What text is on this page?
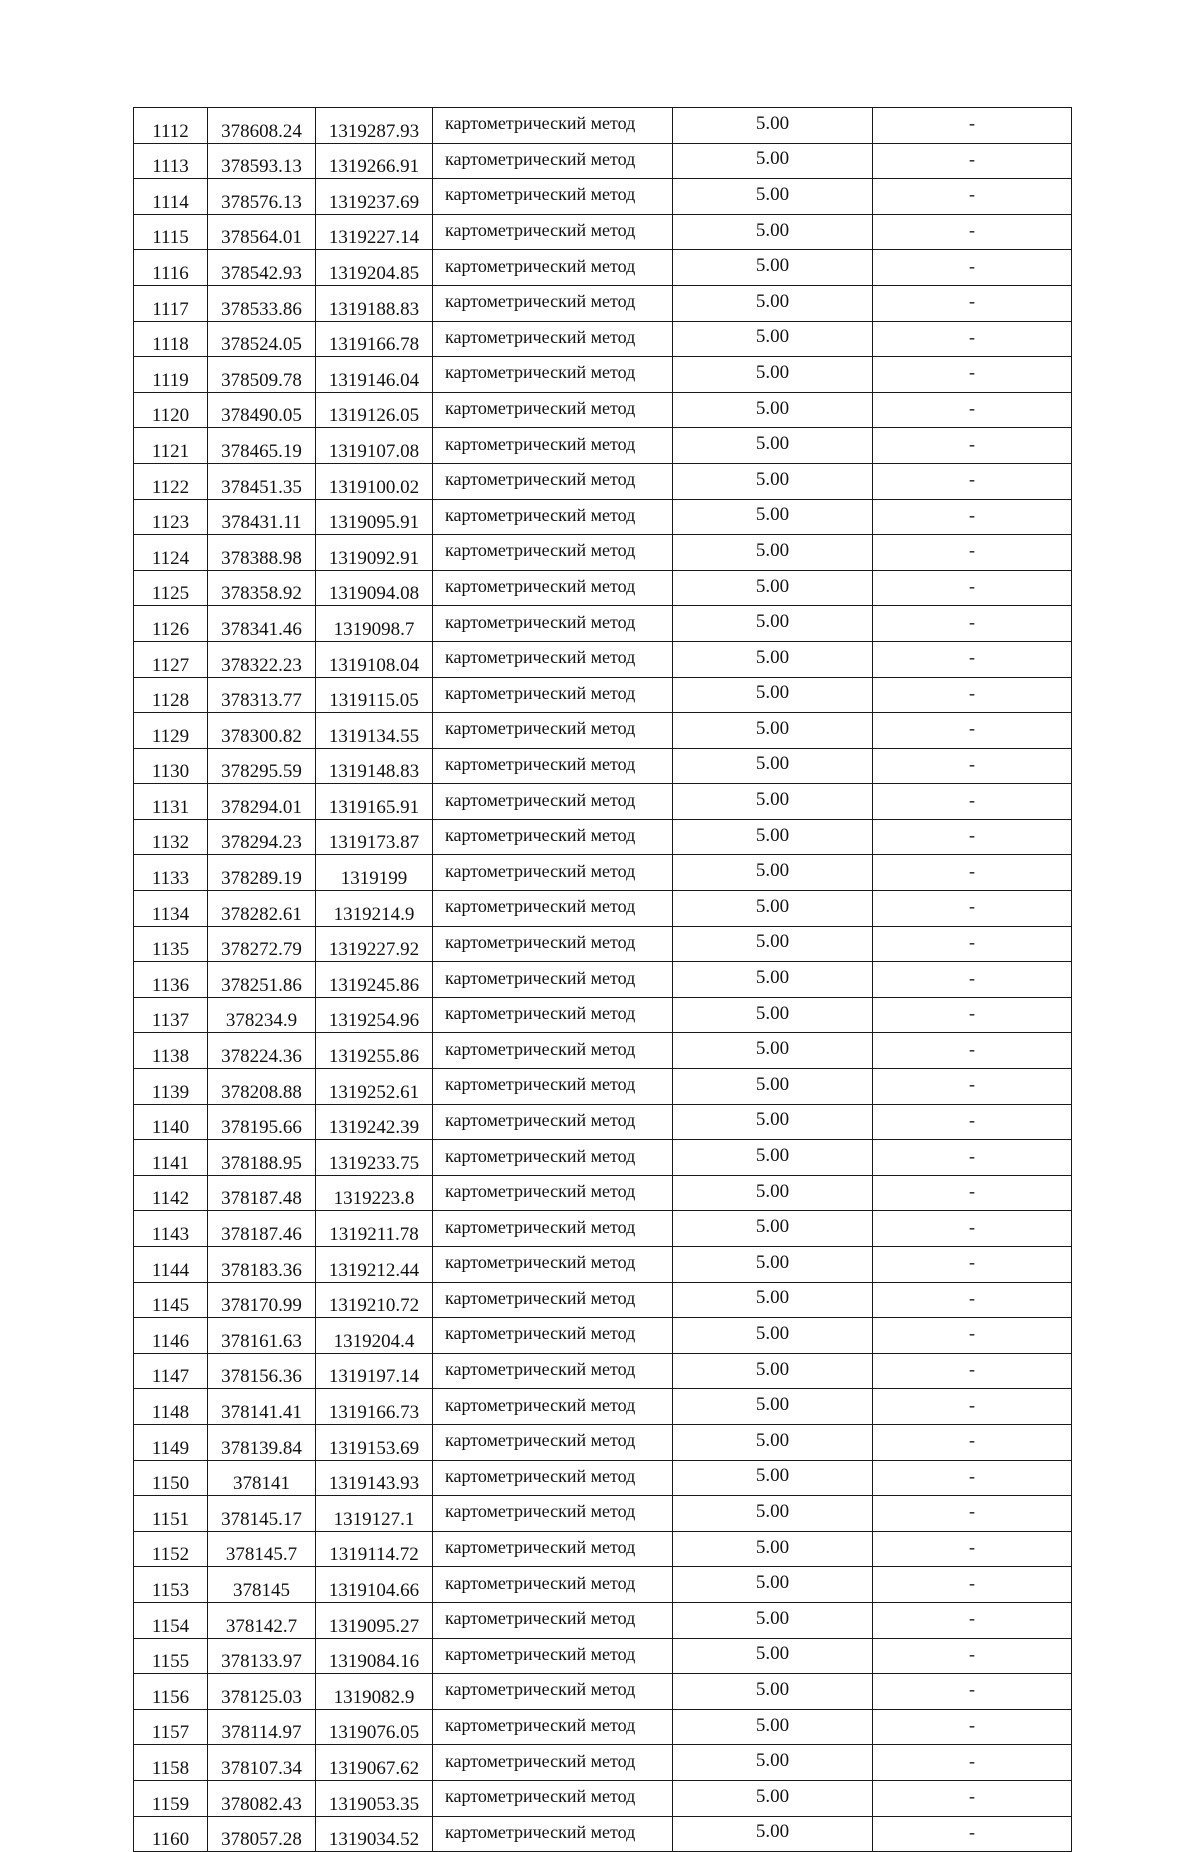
1112	378608.24	1319287.93	картометрический метод	5.00	-
1113	378593.13	1319266.91	картометрический метод	5.00	-
1114	378576.13	1319237.69	картометрический метод	5.00	-
1115	378564.01	1319227.14	картометрический метод	5.00	-
1116	378542.93	1319204.85	картометрический метод	5.00	-
1117	378533.86	1319188.83	картометрический метод	5.00	-
1118	378524.05	1319166.78	картометрический метод	5.00	-
1119	378509.78	1319146.04	картометрический метод	5.00	-
1120	378490.05	1319126.05	картометрический метод	5.00	-
1121	378465.19	1319107.08	картометрический метод	5.00	-
1122	378451.35	1319100.02	картометрический метод	5.00	-
1123	378431.11	1319095.91	картометрический метод	5.00	-
1124	378388.98	1319092.91	картометрический метод	5.00	-
1125	378358.92	1319094.08	картометрический метод	5.00	-
1126	378341.46	1319098.7	картометрический метод	5.00	-
1127	378322.23	1319108.04	картометрический метод	5.00	-
1128	378313.77	1319115.05	картометрический метод	5.00	-
1129	378300.82	1319134.55	картометрический метод	5.00	-
1130	378295.59	1319148.83	картометрический метод	5.00	-
1131	378294.01	1319165.91	картометрический метод	5.00	-
1132	378294.23	1319173.87	картометрический метод	5.00	-
1133	378289.19	1319199	картометрический метод	5.00	-
1134	378282.61	1319214.9	картометрический метод	5.00	-
1135	378272.79	1319227.92	картометрический метод	5.00	-
1136	378251.86	1319245.86	картометрический метод	5.00	-
1137	378234.9	1319254.96	картометрический метод	5.00	-
1138	378224.36	1319255.86	картометрический метод	5.00	-
1139	378208.88	1319252.61	картометрический метод	5.00	-
1140	378195.66	1319242.39	картометрический метод	5.00	-
1141	378188.95	1319233.75	картометрический метод	5.00	-
1142	378187.48	1319223.8	картометрический метод	5.00	-
1143	378187.46	1319211.78	картометрический метод	5.00	-
1144	378183.36	1319212.44	картометрический метод	5.00	-
1145	378170.99	1319210.72	картометрический метод	5.00	-
1146	378161.63	1319204.4	картометрический метод	5.00	-
1147	378156.36	1319197.14	картометрический метод	5.00	-
1148	378141.41	1319166.73	картометрический метод	5.00	-
1149	378139.84	1319153.69	картометрический метод	5.00	-
1150	378141	1319143.93	картометрический метод	5.00	-
1151	378145.17	1319127.1	картометрический метод	5.00	-
1152	378145.7	1319114.72	картометрический метод	5.00	-
1153	378145	1319104.66	картометрический метод	5.00	-
1154	378142.7	1319095.27	картометрический метод	5.00	-
1155	378133.97	1319084.16	картометрический метод	5.00	-
1156	378125.03	1319082.9	картометрический метод	5.00	-
1157	378114.97	1319076.05	картометрический метод	5.00	-
1158	378107.34	1319067.62	картометрический метод	5.00	-
1159	378082.43	1319053.35	картометрический метод	5.00	-
1160	378057.28	1319034.52	картометрический метод	5.00	-
